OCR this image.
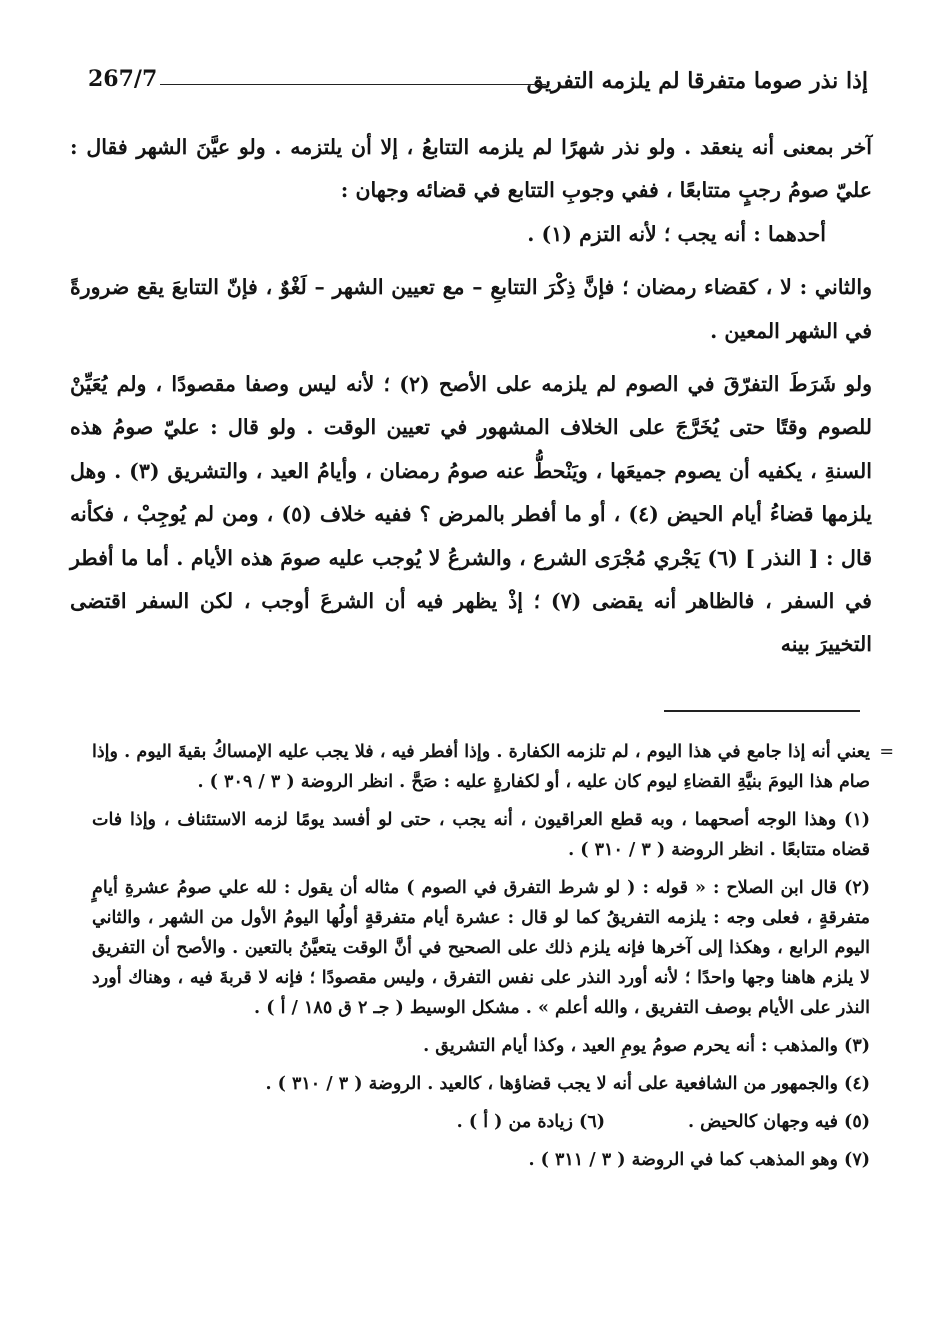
إذا نذر صوما متفرقا لم يلزمه التفريق
267/7

آخر بمعنى أنه ينعقد . ولو نذر شهرًا لم يلزمه التتابعُ ، إلا أن يلتزمه . ولو عيَّنَ الشهر فقال : عليّ صومُ رجبٍ متتابعًا ، ففي وجوبِ التتابع في قضائه وجهان :

أحدهما : أنه يجب ؛ لأنه التزم (١) .

والثاني : لا ، كقضاء رمضان ؛ فإنَّ ذِكْرَ التتابعِ – مع تعيين الشهر – لَغْوٌ ، فإنّ التتابعَ يقع ضرورةً في الشهر المعين .

ولو شَرَطَ التفرّقَ في الصوم لم يلزمه على الأصح (٢) ؛ لأنه ليس وصفا مقصودًا ، ولم يُعَيِّنْ للصوم وقتًا حتى يُخَرَّجَ على الخلاف المشهور في تعيين الوقت . ولو قال : عليّ صومُ هذه السنةِ ، يكفيه أن يصوم جميعَها ، ويَنْحطُّ عنه صومُ رمضان ، وأيامُ العيد ، والتشريق (٣) . وهل يلزمها قضاءُ أيام الحيض (٤) ، أو ما أفطر بالمرض ؟ ففيه خلاف (٥) ، ومن لم يُوجِبْ ، فكأنه قال : [ النذر ] (٦) يَجْري مُجْرَى الشرع ، والشرعُ لا يُوجب عليه صومَ هذه الأيام . أما ما أفطر في السفر ، فالظاهر أنه يقضى (٧) ؛ إذْ يظهر فيه أن الشرعَ أوجب ، لكن السفر اقتضى التخييرَ بينه

= يعني أنه إذا جامع في هذا اليوم ، لم تلزمه الكفارة . وإذا أفطر فيه ، فلا يجب عليه الإمساكُ بقيةَ اليوم . وإذا صام هذا اليومَ بنيَّةِ القضاءِ ليوم كان عليه ، أو لكفارةٍ عليه : صَحَّ . انظر الروضة ( ٣ / ٣٠٩ ) .

(١) وهذا الوجه أصحهما ، وبه قطع العراقيون ، أنه يجب ، حتى لو أفسد يومًا لزمه الاستئناف ، وإذا فات قضاه متتابعًا . انظر الروضة ( ٣ / ٣١٠ ) .

(٢) قال ابن الصلاح : « قوله : ( لو شرط التفرق في الصوم ) مثاله أن يقول : لله علي صومُ عشرةِ أيامٍ متفرقةٍ ، فعلى وجه : يلزمه التفريقُ كما لو قال : عشرة أيام متفرقةٍ أولُها اليومُ الأول من الشهر ، والثاني اليوم الرابع ، وهكذا إلى آخرها فإنه يلزم ذلك على الصحيح في أنَّ الوقت يتعيَّنُ بالتعين . والأصح أن التفريق لا يلزم هاهنا وجها واحدًا ؛ لأنه أورد النذر على نفس التفرق ، وليس مقصودًا ؛ فإنه لا قربةَ فيه ، وهناك أورد النذر على الأيام بوصف التفريق ، والله أعلم » . مشكل الوسيط ( جـ ٢ ق ١٨٥ / أ ) .

(٣) والمذهب : أنه يحرم صومُ يومِ العيد ، وكذا أيام التشريق .

(٤) والجمهور من الشافعية على أنه لا يجب قضاؤها ، كالعيد . الروضة ( ٣ / ٣١٠ ) .

(٥) فيه وجهان كالحيض .
(٦) زيادة من ( أ ) .

(٧) وهو المذهب كما في الروضة ( ٣ / ٣١١ ) .
